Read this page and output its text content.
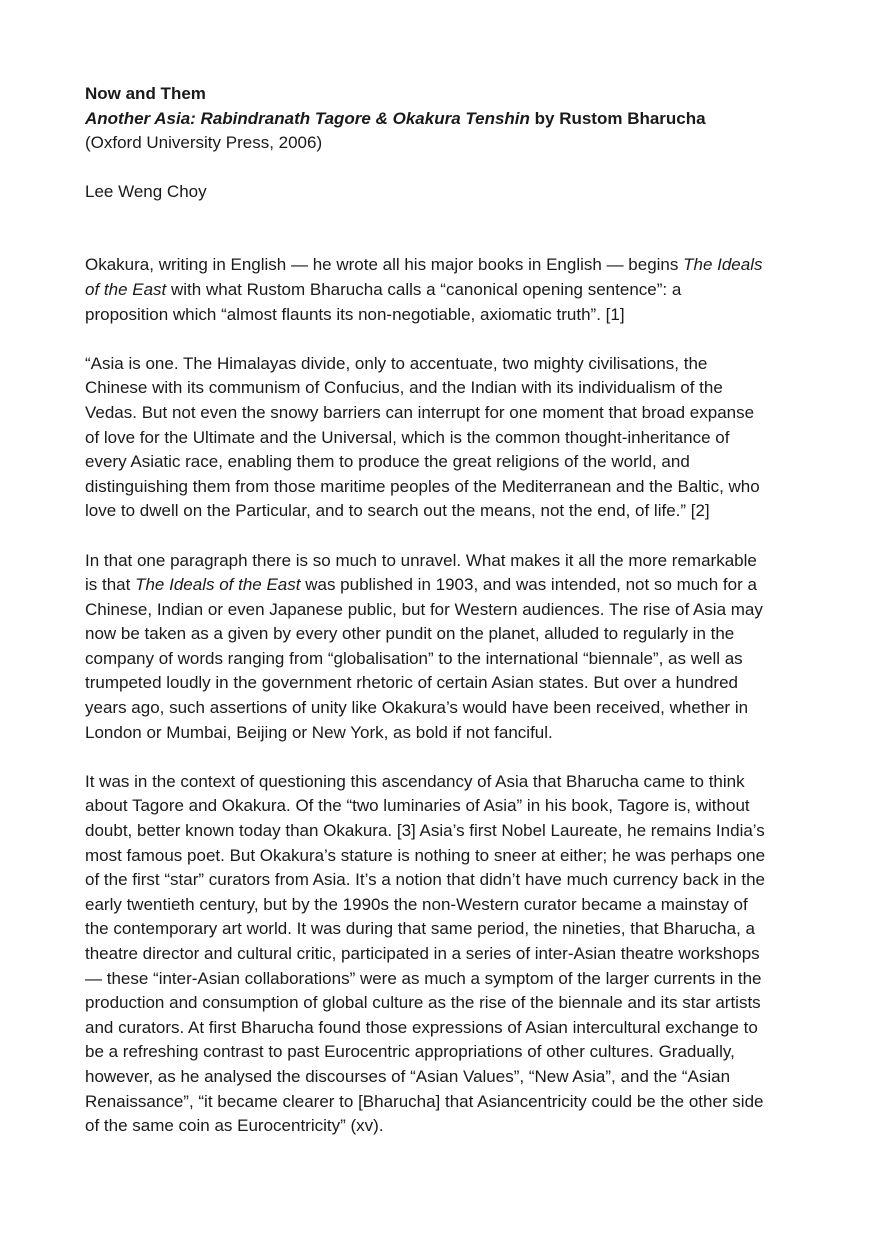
Now and Them
Another Asia: Rabindranath Tagore & Okakura Tenshin by Rustom Bharucha
(Oxford University Press, 2006)
Lee Weng Choy
Okakura, writing in English — he wrote all his major books in English — begins The Ideals
of the East with what Rustom Bharucha calls a “canonical opening sentence”: a
proposition which “almost flaunts its non-negotiable, axiomatic truth”. [1]
“Asia is one. The Himalayas divide, only to accentuate, two mighty civilisations, the
Chinese with its communism of Confucius, and the Indian with its individualism of the
Vedas. But not even the snowy barriers can interrupt for one moment that broad expanse
of love for the Ultimate and the Universal, which is the common thought-inheritance of
every Asiatic race, enabling them to produce the great religions of the world, and
distinguishing them from those maritime peoples of the Mediterranean and the Baltic, who
love to dwell on the Particular, and to search out the means, not the end, of life.” [2]
In that one paragraph there is so much to unravel. What makes it all the more remarkable
is that The Ideals of the East was published in 1903, and was intended, not so much for a
Chinese, Indian or even Japanese public, but for Western audiences. The rise of Asia may
now be taken as a given by every other pundit on the planet, alluded to regularly in the
company of words ranging from “globalisation” to the international “biennale”, as well as
trumpeted loudly in the government rhetoric of certain Asian states. But over a hundred
years ago, such assertions of unity like Okakura’s would have been received, whether in
London or Mumbai, Beijing or New York, as bold if not fanciful.
It was in the context of questioning this ascendancy of Asia that Bharucha came to think
about Tagore and Okakura. Of the “two luminaries of Asia” in his book, Tagore is, without
doubt, better known today than Okakura. [3] Asia’s first Nobel Laureate, he remains India’s
most famous poet. But Okakura’s stature is nothing to sneer at either; he was perhaps one
of the first “star” curators from Asia. It’s a notion that didn’t have much currency back in the
early twentieth century, but by the 1990s the non-Western curator became a mainstay of
the contemporary art world. It was during that same period, the nineties, that Bharucha, a
theatre director and cultural critic, participated in a series of inter-Asian theatre workshops
— these “inter-Asian collaborations” were as much a symptom of the larger currents in the
production and consumption of global culture as the rise of the biennale and its star artists
and curators. At first Bharucha found those expressions of Asian intercultural exchange to
be a refreshing contrast to past Eurocentric appropriations of other cultures. Gradually,
however, as he analysed the discourses of “Asian Values”, “New Asia”, and the “Asian
Renaissance”, “it became clearer to [Bharucha] that Asiancentricity could be the other side
of the same coin as Eurocentricity” (xv).
